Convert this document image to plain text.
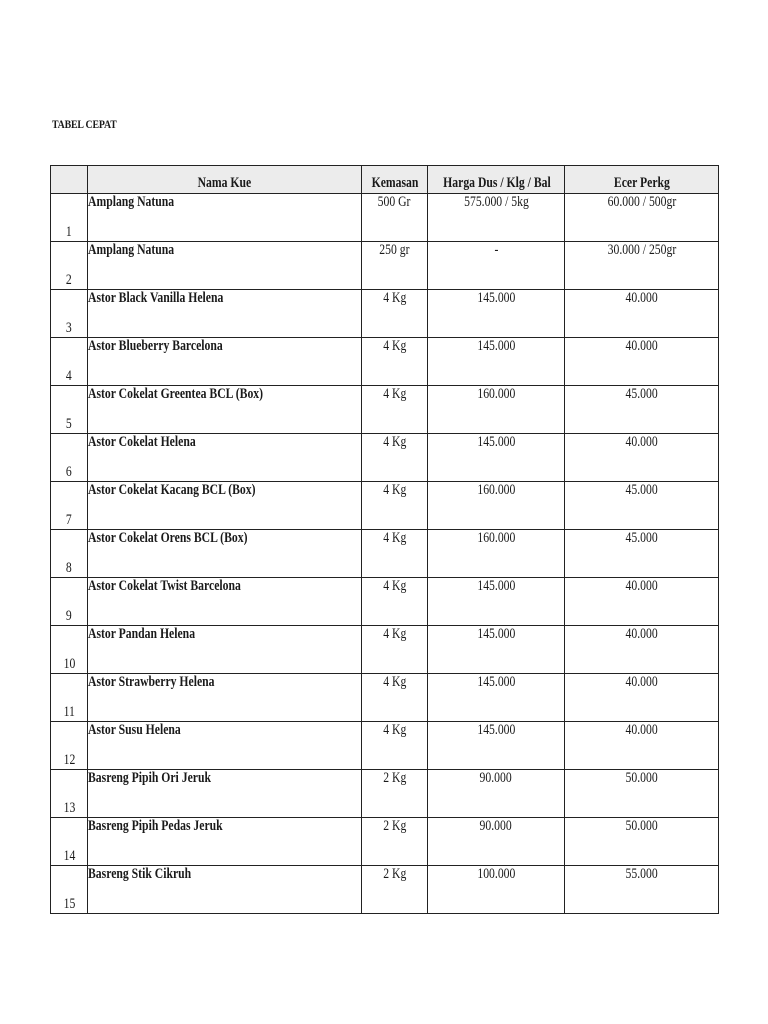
TABEL CEPAT
	Nama Kue	Kemasan	Harga Dus / Klg / Bal	Ecer Perkg
1	Amplang Natuna	500 Gr	575.000 / 5kg	60.000 / 500gr
2	Amplang Natuna	250 gr	-	30.000 / 250gr
3	Astor Black Vanilla Helena	4 Kg	145.000	40.000
4	Astor Blueberry Barcelona	4 Kg	145.000	40.000
5	Astor Cokelat Greentea BCL (Box)	4 Kg	160.000	45.000
6	Astor Cokelat Helena	4 Kg	145.000	40.000
7	Astor Cokelat Kacang BCL (Box)	4 Kg	160.000	45.000
8	Astor Cokelat Orens BCL (Box)	4 Kg	160.000	45.000
9	Astor Cokelat Twist Barcelona	4 Kg	145.000	40.000
10	Astor Pandan Helena	4 Kg	145.000	40.000
11	Astor Strawberry Helena	4 Kg	145.000	40.000
12	Astor Susu Helena	4 Kg	145.000	40.000
13	Basreng Pipih Ori Jeruk	2 Kg	90.000	50.000
14	Basreng Pipih Pedas Jeruk	2 Kg	90.000	50.000
15	Basreng Stik Cikruh	2 Kg	100.000	55.000
